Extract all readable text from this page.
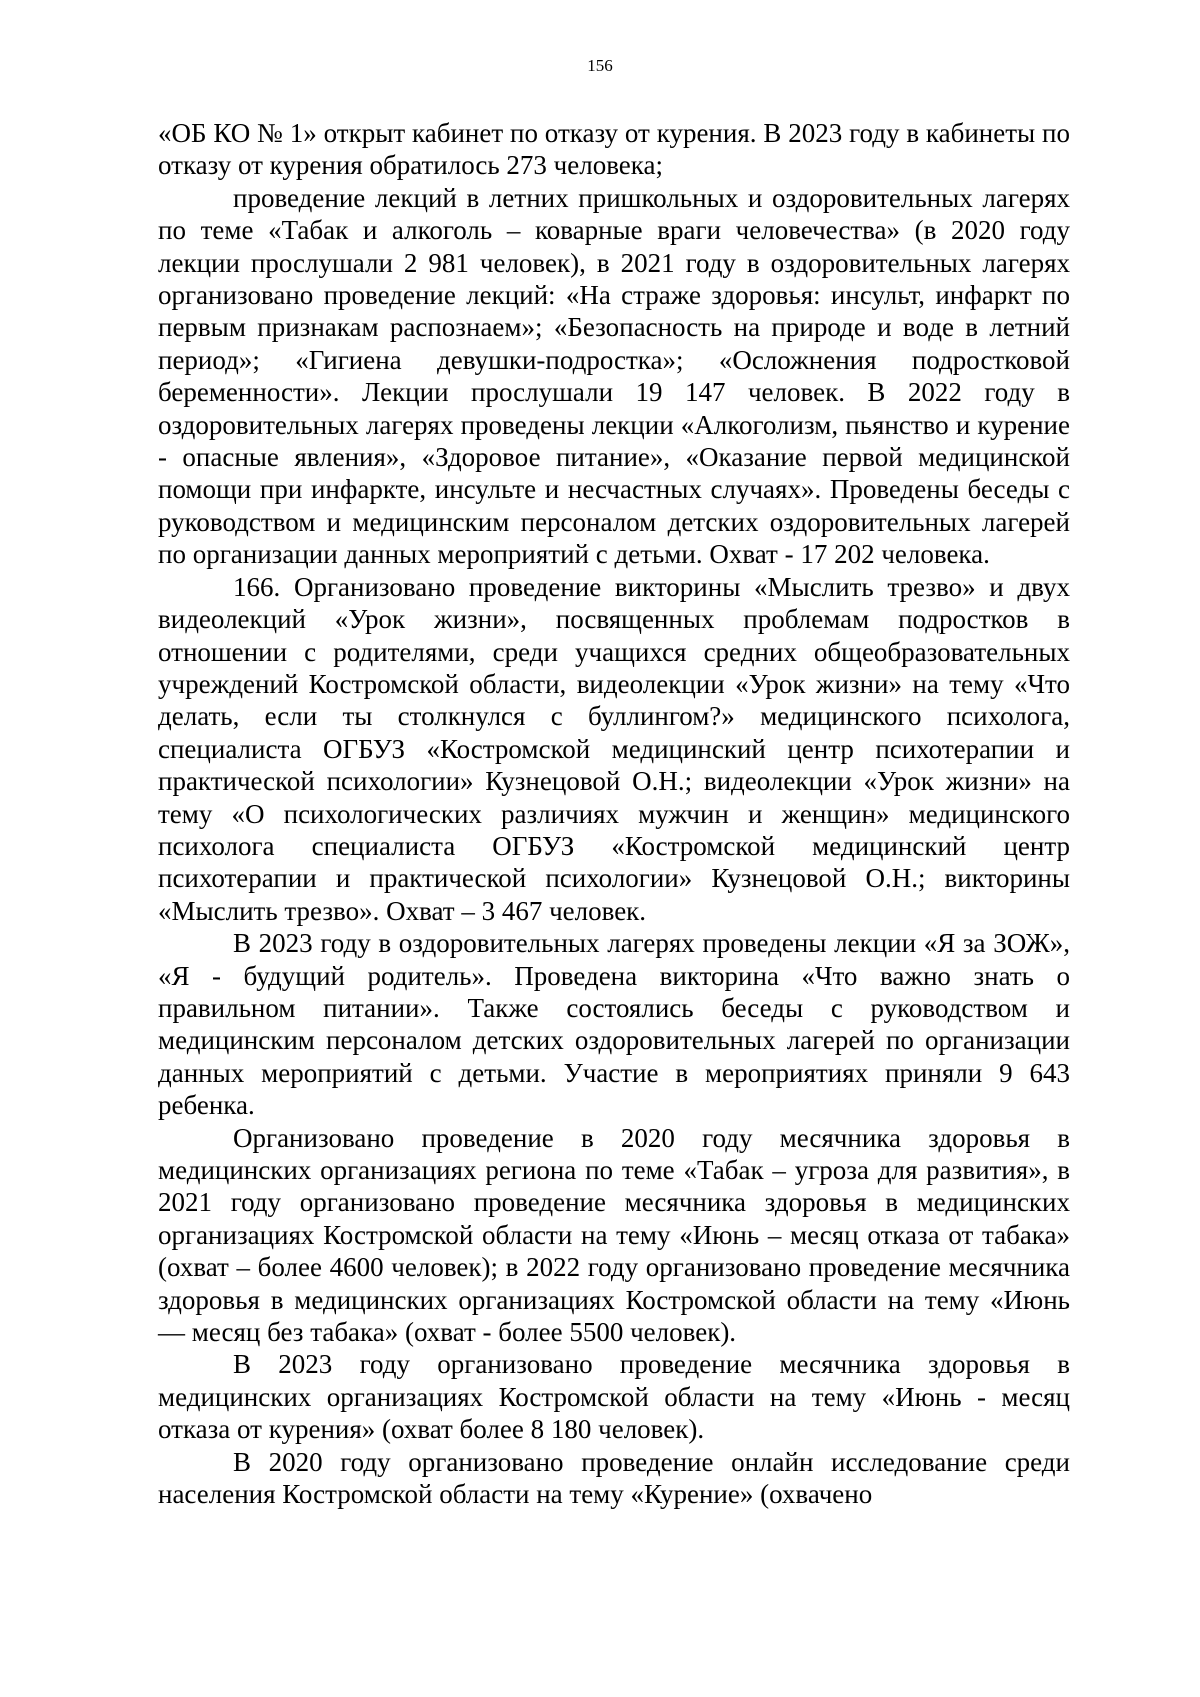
156

«ОБ КО № 1» открыт кабинет по отказу от курения. В 2023 году в кабинеты по отказу от курения обратилось 273 человека;

проведение лекций в летних пришкольных и оздоровительных лагерях по теме «Табак и алкоголь – коварные враги человечества» (в 2020 году лекции прослушали 2 981 человек), в 2021 году в оздоровительных лагерях организовано проведение лекций: «На страже здоровья: инсульт, инфаркт по первым признакам распознаем»; «Безопасность на природе и воде в летний период»; «Гигиена девушки-подростка»; «Осложнения подростковой беременности». Лекции прослушали 19 147 человек. В 2022 году в оздоровительных лагерях проведены лекции «Алкоголизм, пьянство и курение - опасные явления», «Здоровое питание», «Оказание первой медицинской помощи при инфаркте, инсульте и несчастных случаях». Проведены беседы с руководством и медицинским персоналом детских оздоровительных лагерей по организации данных мероприятий с детьми. Охват - 17 202 человека.

166. Организовано проведение викторины «Мыслить трезво» и двух видеолекций «Урок жизни», посвященных проблемам подростков в отношении с родителями, среди учащихся средних общеобразовательных учреждений Костромской области, видеолекции «Урок жизни» на тему «Что делать, если ты столкнулся с буллингом?» медицинского психолога, специалиста ОГБУЗ «Костромской медицинский центр психотерапии и практической психологии» Кузнецовой О.Н.; видеолекции «Урок жизни» на тему «О психологических различиях мужчин и женщин» медицинского психолога специалиста ОГБУЗ «Костромской медицинский центр психотерапии и практической психологии» Кузнецовой О.Н.; викторины «Мыслить трезво». Охват – 3 467 человек.

В 2023 году в оздоровительных лагерях проведены лекции «Я за ЗОЖ», «Я - будущий родитель». Проведена викторина «Что важно знать о правильном питании». Также состоялись беседы с руководством и медицинским персоналом детских оздоровительных лагерей по организации данных мероприятий с детьми. Участие в мероприятиях приняли 9 643 ребенка.

Организовано проведение в 2020 году месячника здоровья в медицинских организациях региона по теме «Табак – угроза для развития», в 2021 году организовано проведение месячника здоровья в медицинских организациях Костромской области на тему «Июнь – месяц отказа от табака» (охват – более 4600 человек); в 2022 году организовано проведение месячника здоровья в медицинских организациях Костромской области на тему «Июнь — месяц без табака» (охват - более 5500 человек).

В 2023 году организовано проведение месячника здоровья в медицинских организациях Костромской области на тему «Июнь - месяц отказа от курения» (охват более 8 180 человек).

В 2020 году организовано проведение онлайн исследование среди населения Костромской области на тему «Курение» (охвачено
